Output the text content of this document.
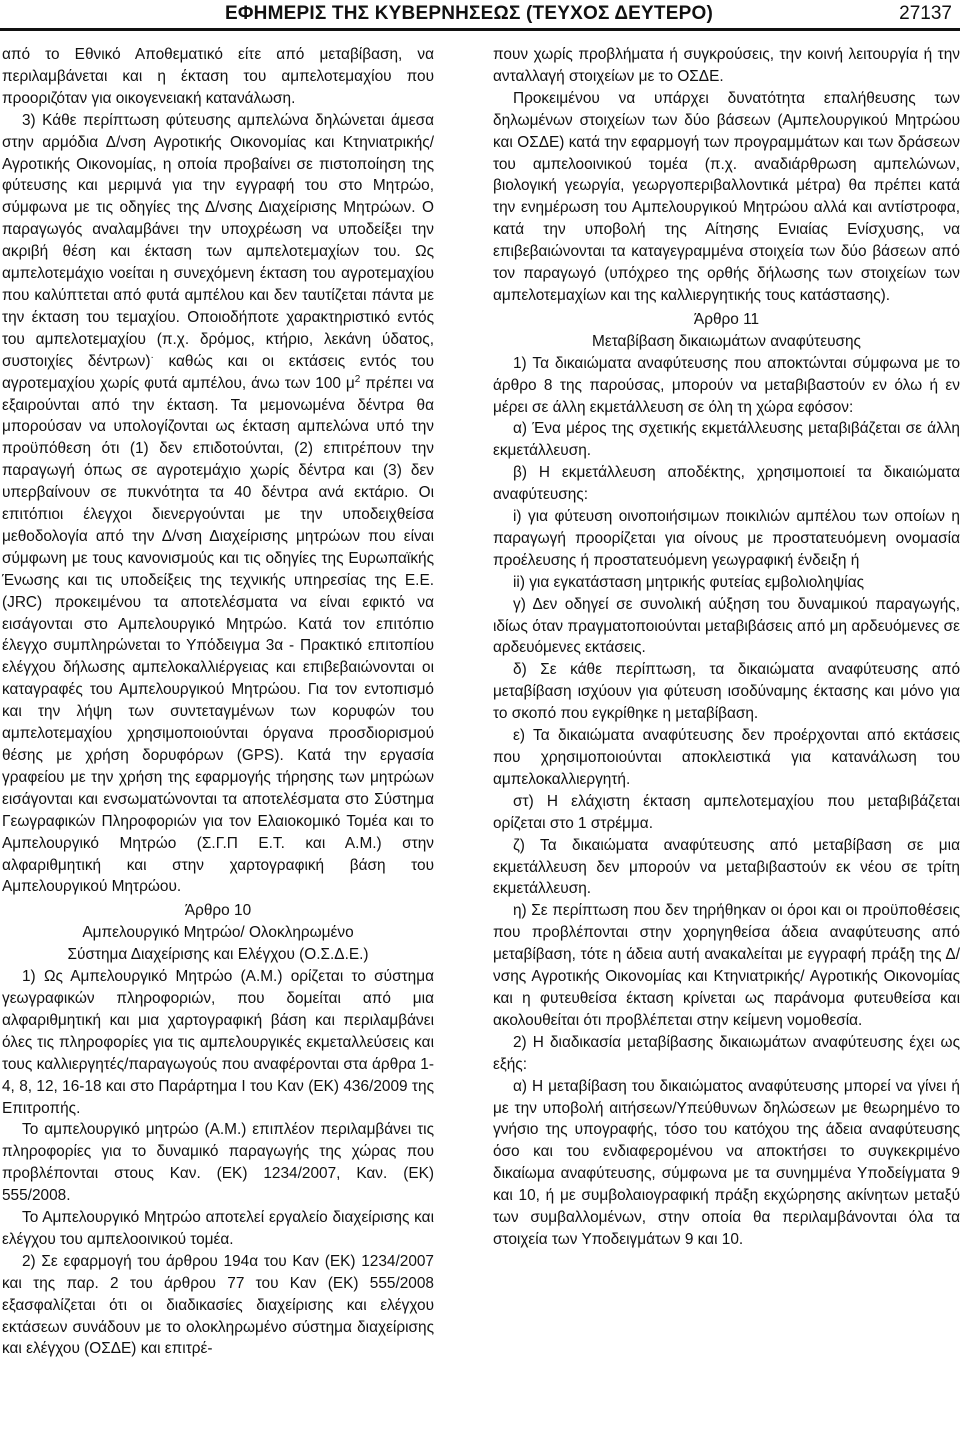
ΕΦΗΜΕΡΙΣ ΤΗΣ ΚΥΒΕΡΝΗΣΕΩΣ (ΤΕΥΧΟΣ ΔΕΥΤΕΡΟ)	27137

από το Εθνικό Αποθεματικό είτε από μεταβίβαση, να περιλαμβάνεται και η έκταση του αμπελοτεμαχίου που προοριζόταν για οικογενειακή κατανάλωση.

3) Κάθε περίπτωση φύτευσης αμπελώνα δηλώνεται άμεσα στην αρμόδια Δ/νση Αγροτικής Οικονομίας και Κτηνιατρικής/ Αγροτικής Οικονομίας, η οποία προβαίνει σε πιστοποίηση της φύτευσης και μεριμνά για την εγγραφή του στο Μητρώο, σύμφωνα με τις οδηγίες της Δ/νσης Διαχείρισης Μητρώων. Ο παραγωγός αναλαμβάνει την υποχρέωση να υποδείξει την ακριβή θέση και έκταση των αμπελοτεμαχίων του. Ως αμπελοτεμάχιο νοείται η συνεχόμενη έκταση του αγροτεμαχίου που καλύπτεται από φυτά αμπέλου και δεν ταυτίζεται πάντα με την έκταση του τεμαχίου. Οποιοδήποτε χαρακτηριστικό εντός του αμπελοτεμαχίου (π.χ. δρόμος, κτήριο, λεκάνη ύδατος, συστοιχίες δέντρων)· καθώς και οι εκτάσεις εντός του αγροτεμαχίου χωρίς φυτά αμπέλου, άνω των 100 $\mu^2$ πρέπει να εξαιρούνται από την έκταση. Τα μεμονωμένα δέντρα θα μπορούσαν να υπολογίζονται ως έκταση αμπελώνα υπό την προϋπόθεση ότι (1) δεν επιδοτούνται, (2) επιτρέπουν την παραγωγή όπως σε αγροτεμάχιο χωρίς δέντρα και (3) δεν υπερβαίνουν σε πυκνότητα τα 40 δέντρα ανά εκτάριο. Οι επιτόπιοι έλεγχοι διενεργούνται με την υποδειχθείσα μεθοδολογία από την Δ/νση Διαχείρισης μητρώων που είναι σύμφωνη με τους κανονισμούς και τις οδηγίες της Ευρωπαϊκής Ένωσης και τις υποδείξεις της τεχνικής υπηρεσίας της Ε.Ε. (JRC) προκειμένου τα αποτελέσματα να είναι εφικτό να εισάγονται στο Αμπελουργικό Μητρώο. Κατά τον επιτόπιο έλεγχο συμπληρώνεται το Υπόδειγμα 3α - Πρακτικό επιτοπίου ελέγχου δήλωσης αμπελοκαλλιέργειας και επιβεβαιώνονται οι καταγραφές του Αμπελουργικού Μητρώου. Για τον εντοπισμό και την λήψη των συντεταγμένων των κορυφών του αμπελοτεμαχίου χρησιμοποιούνται όργανα προσδιορισμού θέσης με χρήση δορυφόρων (GPS). Κατά την εργασία γραφείου με την χρήση της εφαρμογής τήρησης των μητρώων εισάγονται και ενσωματώνονται τα αποτελέσματα στο Σύστημα Γεωγραφικών Πληροφοριών για τον Ελαιοκομικό Τομέα και το Αμπελουργικό Μητρώο (Σ.Γ.Π Ε.Τ. και Α.Μ.) στην αλφαριθμητική και στην χαρτογραφική βάση του Αμπελουργικού Μητρώου.

Άρθρο 10

Αμπελουργικό Μητρώο/ Ολοκληρωμένο

Σύστημα Διαχείρισης και Ελέγχου (Ο.Σ.Δ.Ε.)

1) Ως Αμπελουργικό Μητρώο (Α.Μ.) ορίζεται το σύστημα γεωγραφικών πληροφοριών, που δομείται από μια αλφαριθμητική και μια χαρτογραφική βάση και περιλαμβάνει όλες τις πληροφορίες για τις αμπελουργικές εκμεταλλεύσεις και τους καλλιεργητές/παραγωγούς που αναφέρονται στα άρθρα 1-4, 8, 12, 16-18 και στο Παράρτημα Ι του Καν (ΕΚ) 436/2009 της Επιτροπής.

Το αμπελουργικό μητρώο (Α.Μ.) επιπλέον περιλαμβάνει τις πληροφορίες για το δυναμικό παραγωγής της χώρας που προβλέπονται στους Καν. (ΕΚ) 1234/2007, Καν. (ΕΚ) 555/2008.

Το Αμπελουργικό Μητρώο αποτελεί εργαλείο διαχείρισης και ελέγχου του αμπελοοινικού τομέα.

2) Σε εφαρμογή του άρθρου 194α του Καν (ΕΚ) 1234/2007 και της παρ. 2 του άρθρου 77 του Καν (ΕΚ) 555/2008 εξασφαλίζεται ότι οι διαδικασίες διαχείρισης και ελέγχου εκτάσεων συνάδουν με το ολοκληρωμένο σύστημα διαχείρισης και ελέγχου (ΟΣΔΕ) και επιτρέ-

πουν χωρίς προβλήματα ή συγκρούσεις, την κοινή λειτουργία ή την ανταλλαγή στοιχείων με το ΟΣΔΕ.

Προκειμένου να υπάρχει δυνατότητα επαλήθευσης των δηλωμένων στοιχείων των δύο βάσεων (Αμπελουργικού Μητρώου και ΟΣΔΕ) κατά την εφαρμογή των προγραμμάτων και των δράσεων του αμπελοοινικού τομέα (π.χ. αναδιάρθρωση αμπελώνων, βιολογική γεωργία, γεωργοπεριβαλλοντικά μέτρα) θα πρέπει κατά την ενημέρωση του Αμπελουργικού Μητρώου αλλά και αντίστροφα, κατά την υποβολή της Αίτησης Ενιαίας Ενίσχυσης, να επιβεβαιώνονται τα καταγεγραμμένα στοιχεία των δύο βάσεων από τον παραγωγό (υπόχρεο της ορθής δήλωσης των στοιχείων των αμπελοτεμαχίων και της καλλιεργητικής τους κατάστασης).

Άρθρο 11

Μεταβίβαση δικαιωμάτων αναφύτευσης

1) Τα δικαιώματα αναφύτευσης που αποκτώνται σύμφωνα με το άρθρο 8 της παρούσας, μπορούν να μεταβιβαστούν εν όλω ή εν μέρει σε άλλη εκμετάλλευση σε όλη τη χώρα εφόσον:

α) Ένα μέρος της σχετικής εκμετάλλευσης μεταβιβάζεται σε άλλη εκμετάλλευση.

β) Η εκμετάλλευση αποδέκτης, χρησιμοποιεί τα δικαιώματα αναφύτευσης:

i) για φύτευση οινοποιήσιμων ποικιλιών αμπέλου των οποίων η παραγωγή προορίζεται για οίνους με προστατευόμενη ονομασία προέλευσης ή προστατευόμενη γεωγραφική ένδειξη ή

ii) για εγκατάσταση μητρικής φυτείας εμβολιοληψίας

γ) Δεν οδηγεί σε συνολική αύξηση του δυναμικού παραγωγής, ιδίως όταν πραγματοποιούνται μεταβιβάσεις από μη αρδευόμενες σε αρδευόμενες εκτάσεις.

δ) Σε κάθε περίπτωση, τα δικαιώματα αναφύτευσης από μεταβίβαση ισχύουν για φύτευση ισοδύναμης έκτασης και μόνο για το σκοπό που εγκρίθηκε η μεταβίβαση.

ε) Τα δικαιώματα αναφύτευσης δεν προέρχονται από εκτάσεις που χρησιμοποιούνται αποκλειστικά για κατανάλωση του αμπελοκαλλιεργητή.

στ) Η ελάχιστη έκταση αμπελοτεμαχίου που μεταβιβάζεται ορίζεται στο 1 στρέμμα.

ζ) Τα δικαιώματα αναφύτευσης από μεταβίβαση σε μια εκμετάλλευση δεν μπορούν να μεταβιβαστούν εκ νέου σε τρίτη εκμετάλλευση.

η) Σε περίπτωση που δεν τηρήθηκαν οι όροι και οι προϋποθέσεις που προβλέπονται στην χορηγηθείσα άδεια αναφύτευσης από μεταβίβαση, τότε η άδεια αυτή ανακαλείται με εγγραφή πράξη της Δ/νσης Αγροτικής Οικονομίας και Κτηνιατρικής/ Αγροτικής Οικονομίας και η φυτευθείσα έκταση κρίνεται ως παράνομα φυτευθείσα και ακολουθείται ότι προβλέπεται στην κείμενη νομοθεσία.

2) Η διαδικασία μεταβίβασης δικαιωμάτων αναφύτευσης έχει ως εξής:

α) Η μεταβίβαση του δικαιώματος αναφύτευσης μπορεί να γίνει ή με την υποβολή αιτήσεων/Υπεύθυνων δηλώσεων με θεωρημένο το γνήσιο της υπογραφής, τόσο του κατόχου της άδεια αναφύτευσης όσο και του ενδιαφερομένου να αποκτήσει το συγκεκριμένο δικαίωμα αναφύτευσης, σύμφωνα με τα συνημμένα Υποδείγματα 9 και 10, ή με συμβολαιογραφική πράξη εκχώρησης ακίνητων μεταξύ των συμβαλλομένων, στην οποία θα περιλαμβάνονται όλα τα στοιχεία των Υποδειγμάτων 9 και 10.
